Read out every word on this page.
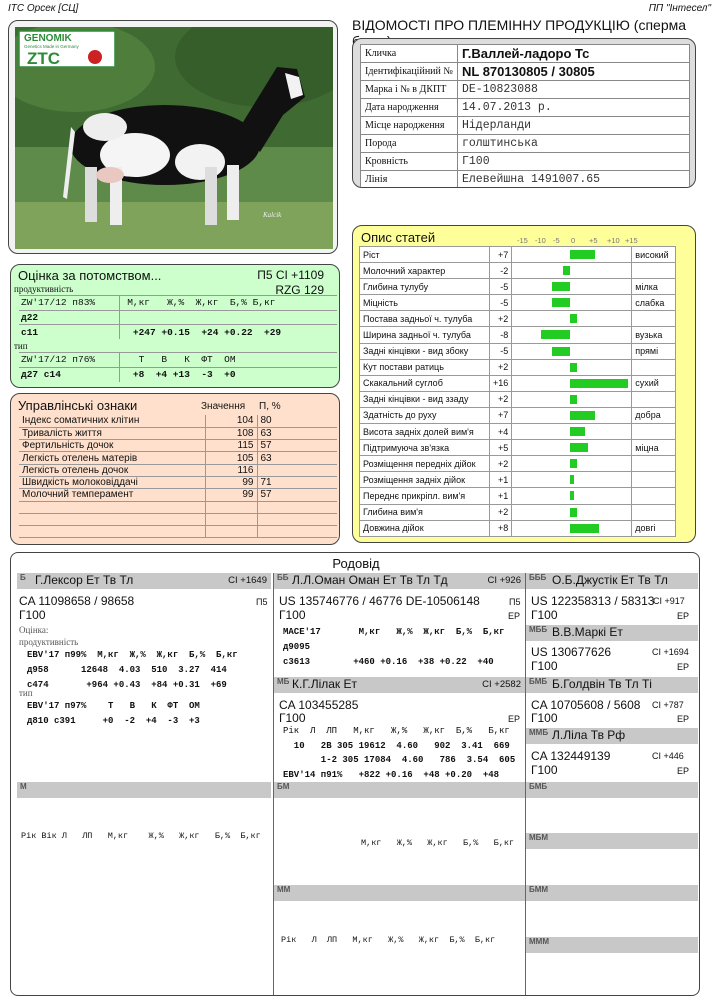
ITC Орсек [СЦ]	ПП "Інтесел"
GENOMIK
Genetics Made in Germany
ZTC
Kalcik
ВІДОМОСТІ ПРО ПЛЕМІННУ ПРОДУКЦІЮ (сперма
Кличка	Г.Валлей-ладоро Тс
Ідентифікаційний №	NL 870130805 / 30805
Марка і № в ДКПТ	DE-10823088
Дата народження	14.07.2013 р.
Місце народження	Нідерланди
Порода	голштинська
Кровність	Г100
Лінія	Елевейшна 1491007.65
Оцінка за потомством...	П5 CI +1109
RZG 129
продуктивність
ZW'17/12 п83%	М,кг   Ж,%  Ж,кг  Б,% Б,кг
д22	
с11	+247 +0.15  +24 +0.22  +29
тип
ZW'17/12 п76%	Т   В   К  ФТ  ОМ
д27 с14	+8  +4 +13  -3  +0
Управлінські ознаки	Значення П, %
Індекс соматичних клітин	104	80
Тривалість життя	108	63
Фертильність дочок	115	57
Легкість отелень матерів	105	63
Легкість отелень дочок	116	
Швидкість молоковіддачі	99	71
Молочний темперамент	99	57

Опис статей	-15 -10 -5 0 +5 +10 +15
Ріст	+7		високий
Молочний характер	-2	

Глибина тулубу	-5		мілка
Міцність	-5		слабка
Постава задньої ч. тулуба	+2	

Ширина задньої ч. тулуба	-8		вузька
Задні кінцівки - вид збоку	-5		прямі
Кут постави ратиць	+2	

Скакальний суглоб	+16		сухий
Задні кінцівки - вид ззаду	+2	

Здатність до руху	+7		добра
Висота задніх долей вим'я	+4	

Підтримуюча зв'язка	+5		міцна
Розміщення передніх дійок	+2	

Розміщення задніх дійок	+1	

Переднє прикріпл. вим'я	+1	

Глибина вим'я	+2	

Довжина дійок	+8		довгі
Родовід
Б Г.Лексор Ет Тв Тл	CI +1649
CA 11098658 / 98658	П5
Г100
Оцінка:
продуктивність
EBV'17 п99%  М,кг  Ж,%  Ж,кг  Б,%  Б,кг
д958      12648  4.03  510  3.27  414
с474       +964 +0.43  +84 +0.31  +69
тип
EBV'17 п97%    Т   В   К  ФТ  ОМ
д810 с391     +0  -2  +4  -3  +3
ББ Л.Л.Оман Оман Ет Тв Тл Тд	CI +926
US 135746776 / 46776 DE-10506148	П5
Г100	EP
MACE'17       М,кг   Ж,%  Ж,кг  Б,%  Б,кг
д9095
с3613        +460 +0.16  +38 +0.22  +40
БББ О.Б.Джустік Ет Тв Тл
US 122358313 / 58313
CI +917
Г100	EP
МББ В.В.Маркі Ет
US 130677626	CI +1694
Г100	EP
МБ К.Г.Лілак Ет	CI +2582
CA 103455285
Г100	EP
Рік  Л  ЛП   М,кг   Ж,%   Ж,кг  Б,%   Б,кг
10   2В 305 19612  4.60   902  3.41  669
1-2 305 17084  4.60   786  3.54  605
EBV'14 п91%   +822 +0.16  +48 +0.20  +48
БМБ Б.Голдвін Тв Тл Ті
CA 10705608 / 5608 CI +787
Г100	EP
ММБ Л.Ліла Тв Рф
CA 132449139	CI +446
Г100	EP
М
Рік Вік Л   ЛП   М,кг    Ж,%   Ж,кг   Б,%  Б,кг
БМ
М,кг   Ж,%   Ж,кг   Б,%   Б,кг
БМБ
МБМ
ММ
Рік   Л  ЛП   М,кг   Ж,%   Ж,кг  Б,%  Б,кг
БММ
МММ
